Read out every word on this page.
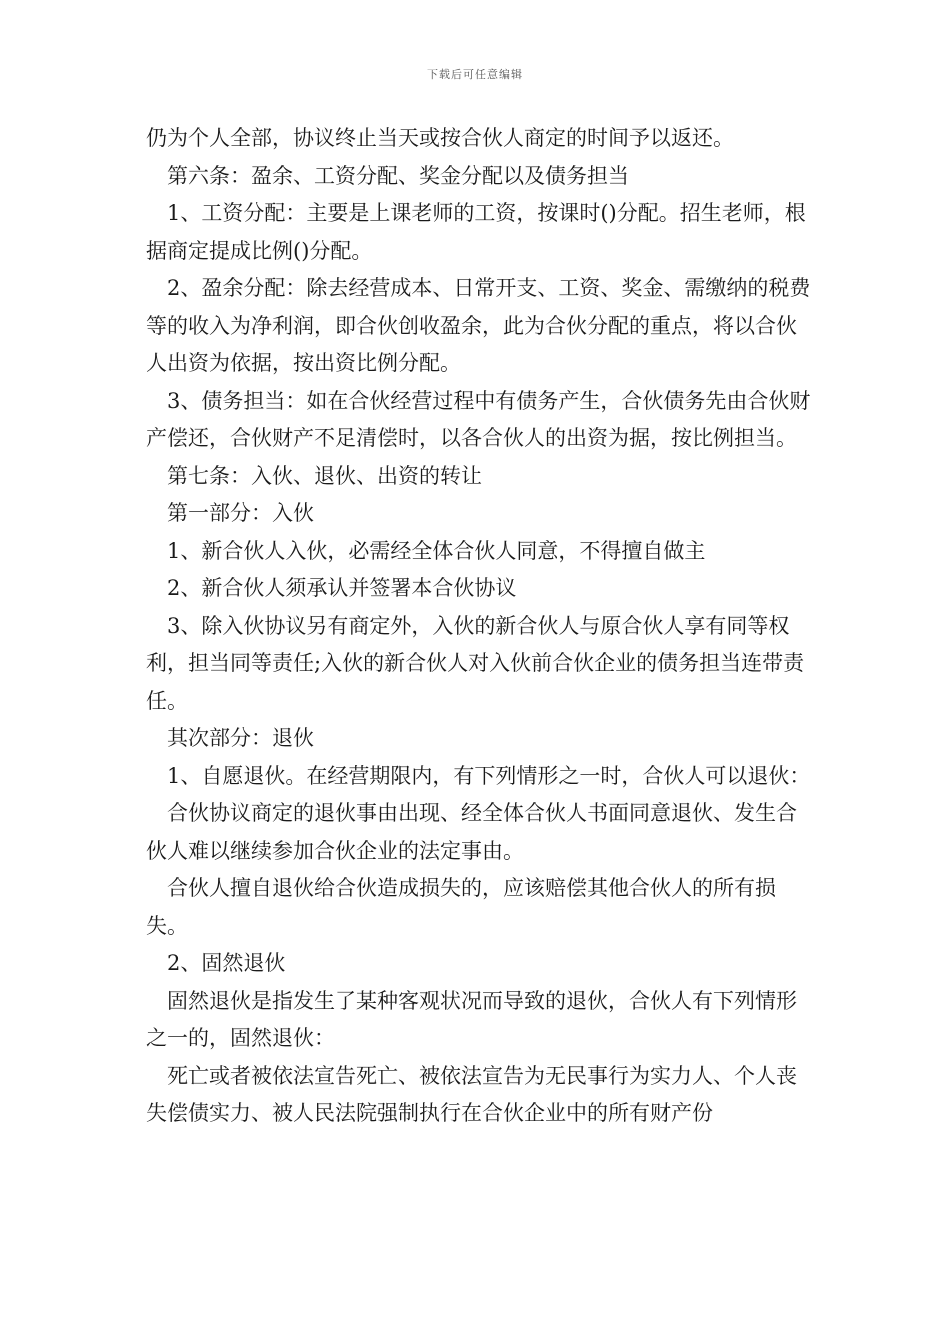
下载后可任意编辑

仍为个人全部，协议终止当天或按合伙人商定的时间予以返还。

第六条：盈余、工资分配、奖金分配以及债务担当

1、工资分配：主要是上课老师的工资，按课时()分配。招生老师，根据商定提成比例()分配。

2、盈余分配：除去经营成本、日常开支、工资、奖金、需缴纳的税费等的收入为净利润，即合伙创收盈余，此为合伙分配的重点，将以合伙人出资为依据，按出资比例分配。

3、债务担当：如在合伙经营过程中有债务产生，合伙债务先由合伙财产偿还，合伙财产不足清偿时，以各合伙人的出资为据，按比例担当。

第七条：入伙、退伙、出资的转让

第一部分：入伙

1、新合伙人入伙，必需经全体合伙人同意，不得擅自做主

2、新合伙人须承认并签署本合伙协议

3、除入伙协议另有商定外，入伙的新合伙人与原合伙人享有同等权利，担当同等责任;入伙的新合伙人对入伙前合伙企业的债务担当连带责任。

其次部分：退伙

1、自愿退伙。在经营期限内，有下列情形之一时，合伙人可以退伙：

合伙协议商定的退伙事由出现、经全体合伙人书面同意退伙、发生合伙人难以继续参加合伙企业的法定事由。

合伙人擅自退伙给合伙造成损失的，应该赔偿其他合伙人的所有损失。

2、固然退伙

固然退伙是指发生了某种客观状况而导致的退伙，合伙人有下列情形之一的，固然退伙：

死亡或者被依法宣告死亡、被依法宣告为无民事行为实力人、个人丧失偿债实力、被人民法院强制执行在合伙企业中的所有财产份
